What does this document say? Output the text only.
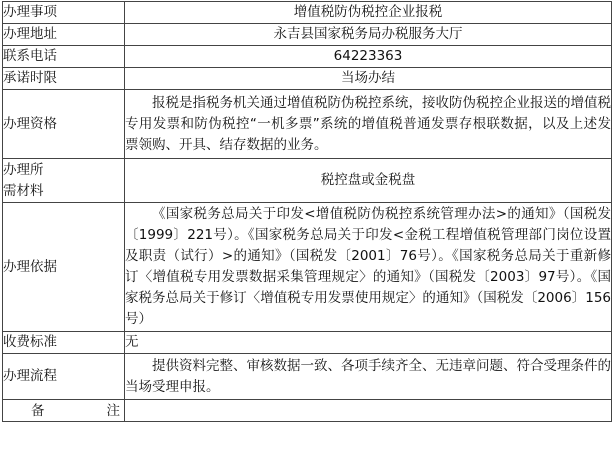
办理事项	增值税防伪税控企业报税
办理地址	永吉县国家税务局办税服务大厅
联系电话	64223363
承诺时限	当场办结
办理资格	报税是指税务机关通过增值税防伪税控系统，接收防伪税控企业报送的增值税专用发票和防伪税控“一机多票”系统的增值税普通发票存根联数据，以及上述发票领购、开具、结存数据的业务。

办理所
需材料	税控盘或金税盘
办理依据	《国家税务总局关于印发<增值税防伪税控系统管理办法>的通知》（国税发〔1999〕221号）。《国家税务总局关于印发<金税工程增值税管理部门岗位设置及职责（试行）>的通知》（国税发〔2001〕76号）。《国家税务总局关于重新修订〈增值税专用发票数据采集管理规定〉的通知》（国税发〔2003〕97号）。《国家税务总局关于修订〈增值税专用发票使用规定〉的通知》（国税发〔2006〕156号）

收费标准	无
办理流程	提供资料完整、审核数据一致、各项手续齐全、无违章问题、符合受理条件的当场受理申报。

备 注	
